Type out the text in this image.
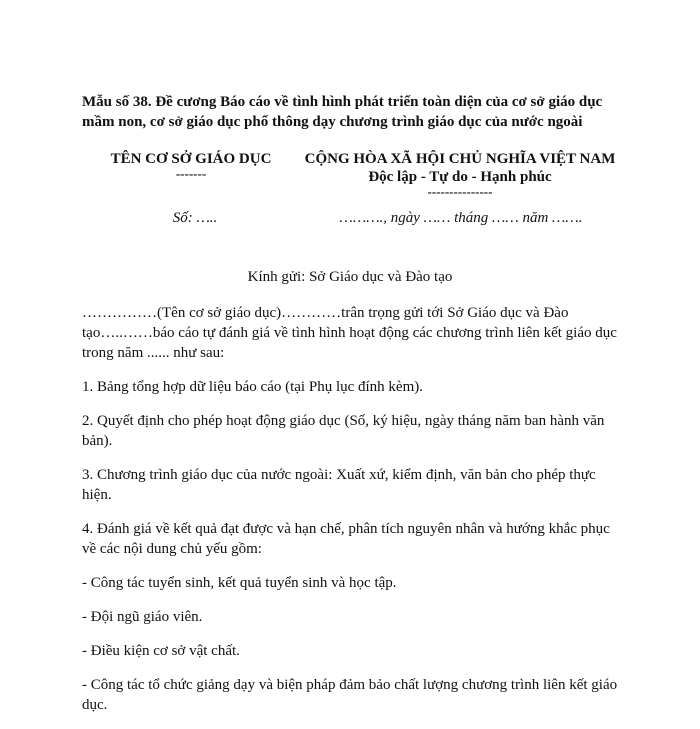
Mẫu số 38. Đề cương Báo cáo về tình hình phát triển toàn diện của cơ sở giáo dục mầm non, cơ sở giáo dục phổ thông dạy chương trình giáo dục của nước ngoài

TÊN CƠ SỞ GIÁO DỤC
-------
CỘNG HÒA XÃ HỘI CHỦ NGHĨA VIỆT NAM
Độc lập - Tự do - Hạnh phúc
---------------
Số: …..	………., ngày …… tháng …… năm …….
Kính gửi: Sở Giáo dục và Đào tạo

……………(Tên cơ sở giáo dục)…………trân trọng gửi tới Sở Giáo dục và Đào tạo…..……báo cáo tự đánh giá về tình hình hoạt động các chương trình liên kết giáo dục trong năm ...... như sau:

1. Bảng tổng hợp dữ liệu báo cáo (tại Phụ lục đính kèm).

2. Quyết định cho phép hoạt động giáo dục (Số, ký hiệu, ngày tháng năm ban hành văn bản).

3. Chương trình giáo dục của nước ngoài: Xuất xứ, kiểm định, văn bản cho phép thực hiện.

4. Đánh giá về kết quả đạt được và hạn chế, phân tích nguyên nhân và hướng khắc phục về các nội dung chủ yếu gồm:

- Công tác tuyển sinh, kết quả tuyển sinh và học tập.

- Đội ngũ giáo viên.

- Điều kiện cơ sở vật chất.

- Công tác tổ chức giảng dạy và biện pháp đảm bảo chất lượng chương trình liên kết giáo dục.
